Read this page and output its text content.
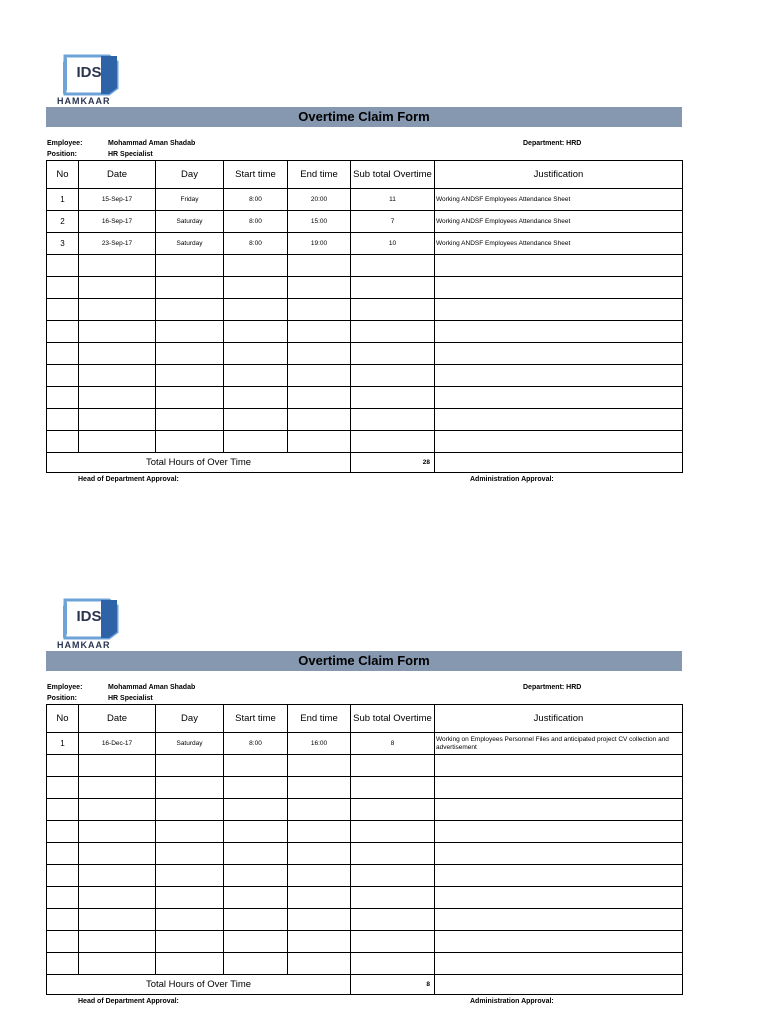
IDS
HAMKAAR
Overtime Claim Form
Employee:	Mohammad Aman Shadab	Department: HRD
Position:	HR Specialist
No	Date	Day	Start time	End time	Sub total Overtime	Justification
1	15-Sep-17	Friday	8:00	20:00	11	Working ANDSF Employees Attendance Sheet
2	16-Sep-17	Saturday	8:00	15:00	7	Working ANDSF Employees Attendance Sheet
3	23-Sep-17	Saturday	8:00	19:00	10	Working ANDSF Employees Attendance Sheet

Total Hours of Over Time					28	
Head of Department Approval:	Administration Approval:
IDS
HAMKAAR
Overtime Claim Form
Employee:	Mohammad Aman Shadab	Department: HRD
Position:	HR Specialist
No	Date	Day	Start time	End time	Sub total Overtime	Justification
1	16-Dec-17	Saturday	8:00	16:00	8	Working on Employees Personnel Files and anticipated project CV collection and advertisement

Total Hours of Over Time					8	
Head of Department Approval:	Administration Approval:
